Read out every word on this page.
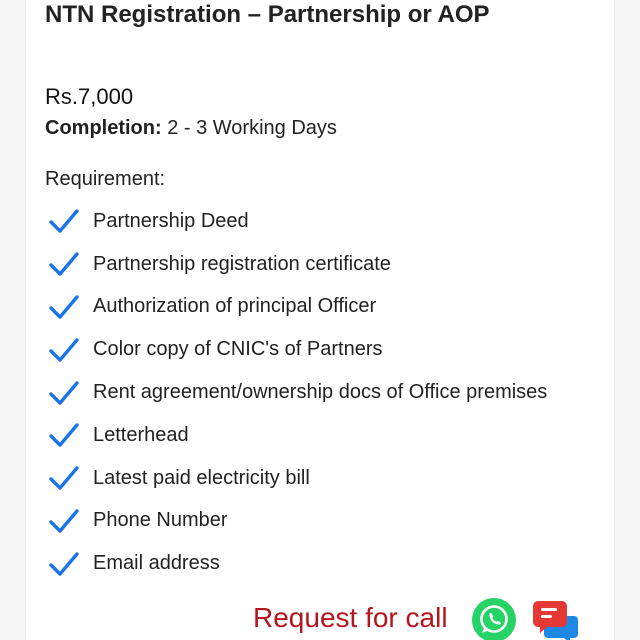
NTN Registration – Partnership or AOP
Rs.7,000
Completion: 2 - 3 Working Days
Requirement:
Partnership Deed
Partnership registration certificate
Authorization of principal Officer
Color copy of CNIC's of Partners
Rent agreement/ownership docs of Office premises
Letterhead
Latest paid electricity bill
Phone Number
Email address
Request for call
